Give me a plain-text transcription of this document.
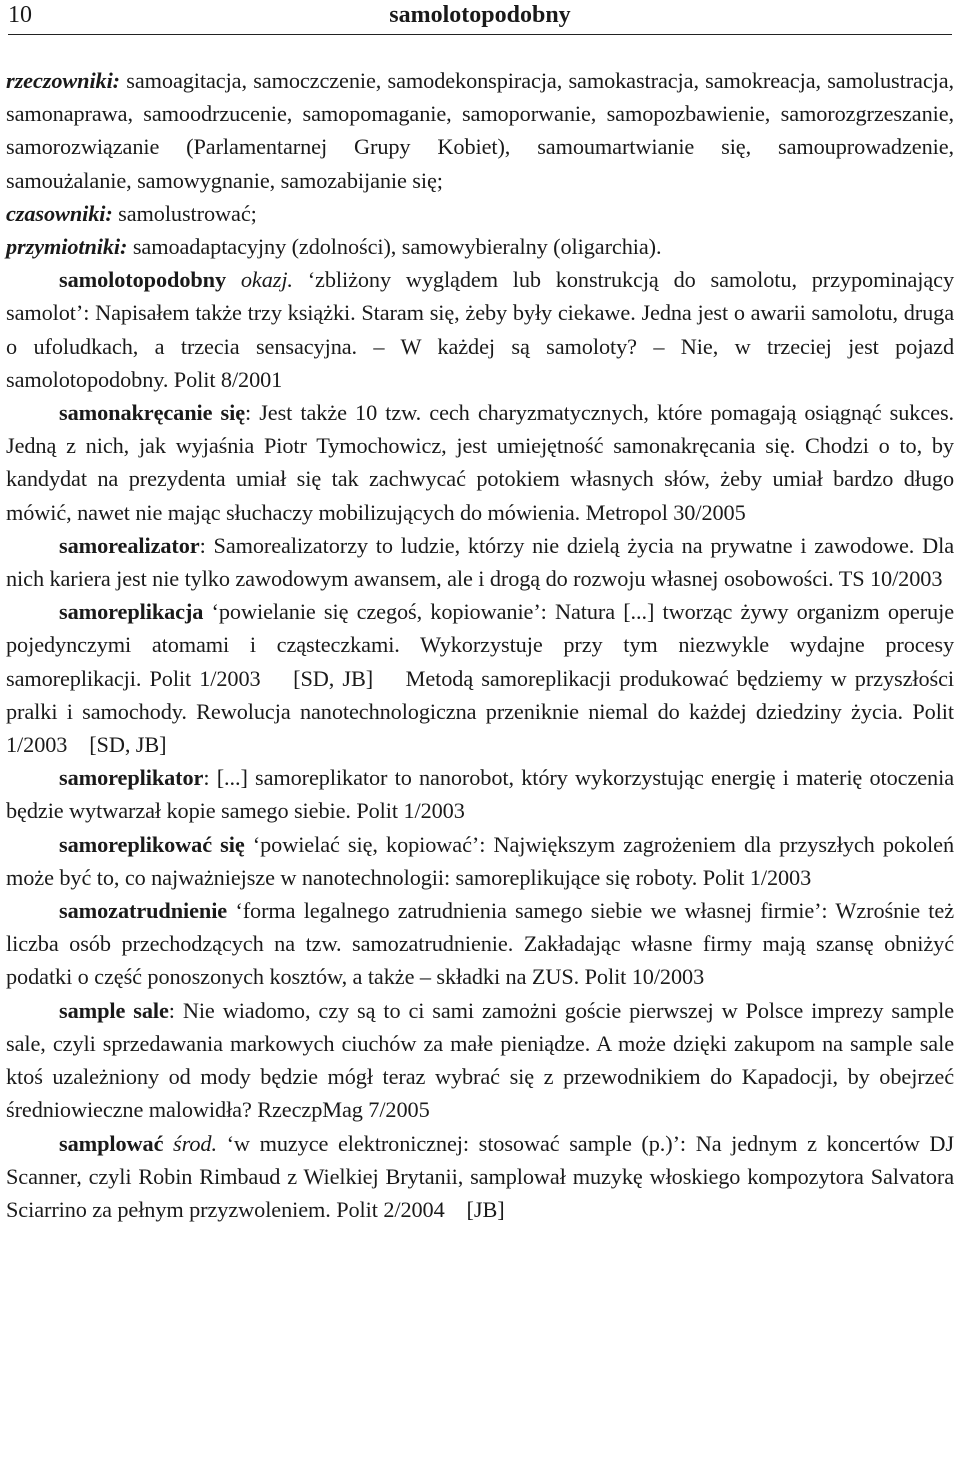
10	samolotopodobny

rzeczowniki: samoagitacja, samoczczenie, samodekonspiracja, samokastracja, samokreacja, samolustracja, samonaprawa, samoodrzucenie, samopomaganie, samoporwanie, samopozbawienie, samorozgrzeszanie, samorozwiązanie (Parlamentarnej Grupy Kobiet), samoumartwianie się, samouprowadzenie, samoużalanie, samowygnanie, samozabijanie się;
czasowniki: samolustrować;
przymiotniki: samoadaptacyjny (zdolności), samowybieralny (oligarchia).

samolotopodobny okazj. ‘zbliżony wyglądem lub konstrukcją do samolotu, przypominający samolot’: Napisałem także trzy książki. Staram się, żeby były ciekawe. Jedna jest o awarii samolotu, druga o ufoludkach, a trzecia sensacyjna. – W każdej są samoloty? – Nie, w trzeciej jest pojazd samolotopodobny. Polit 8/2001

samonakręcanie się: Jest także 10 tzw. cech charyzmatycznych, które pomagają osiągnąć sukces. Jedną z nich, jak wyjaśnia Piotr Tymochowicz, jest umiejętność samonakręcania się. Chodzi o to, by kandydat na prezydenta umiał się tak zachwycać potokiem własnych słów, żeby umiał bardzo długo mówić, nawet nie mając słuchaczy mobilizujących do mówienia. Metropol 30/2005

samorealizator: Samorealizatorzy to ludzie, którzy nie dzielą życia na prywatne i zawodowe. Dla nich kariera jest nie tylko zawodowym awansem, ale i drogą do rozwoju własnej osobowości. TS 10/2003

samoreplikacja ‘powielanie się czegoś, kopiowanie’: Natura [...] tworząc żywy organizm operuje pojedynczymi atomami i cząsteczkami. Wykorzystuje przy tym niezwykle wydajne procesy samoreplikacji. Polit 1/2003    [SD, JB]    Metodą samoreplikacji produkować będziemy w przyszłości pralki i samochody. Rewolucja nanotechnologiczna przeniknie niemal do każdej dziedziny życia. Polit 1/2003    [SD, JB]

samoreplikator: [...] samoreplikator to nanorobot, który wykorzystując energię i materię otoczenia będzie wytwarzał kopie samego siebie. Polit 1/2003

samoreplikować się ‘powielać się, kopiować’: Największym zagrożeniem dla przyszłych pokoleń może być to, co najważniejsze w nanotechnologii: samoreplikujące się roboty. Polit 1/2003

samozatrudnienie ‘forma legalnego zatrudnienia samego siebie we własnej firmie’: Wzrośnie też liczba osób przechodzących na tzw. samozatrudnienie. Zakładając własne firmy mają szansę obniżyć podatki o część ponoszonych kosztów, a także – składki na ZUS. Polit 10/2003

sample sale: Nie wiadomo, czy są to ci sami zamożni goście pierwszej w Polsce imprezy sample sale, czyli sprzedawania markowych ciuchów za małe pieniądze. A może dzięki zakupom na sample sale ktoś uzależniony od mody będzie mógł teraz wybrać się z przewodnikiem do Kapadocji, by obejrzeć średniowieczne malowidła? RzeczpMag 7/2005

samplować środ. ‘w muzyce elektronicznej: stosować sample (p.)’: Na jednym z koncertów DJ Scanner, czyli Robin Rimbaud z Wielkiej Brytanii, samplował muzykę włoskiego kompozytora Salvatora Sciarrino za pełnym przyzwoleniem. Polit 2/2004    [JB]
